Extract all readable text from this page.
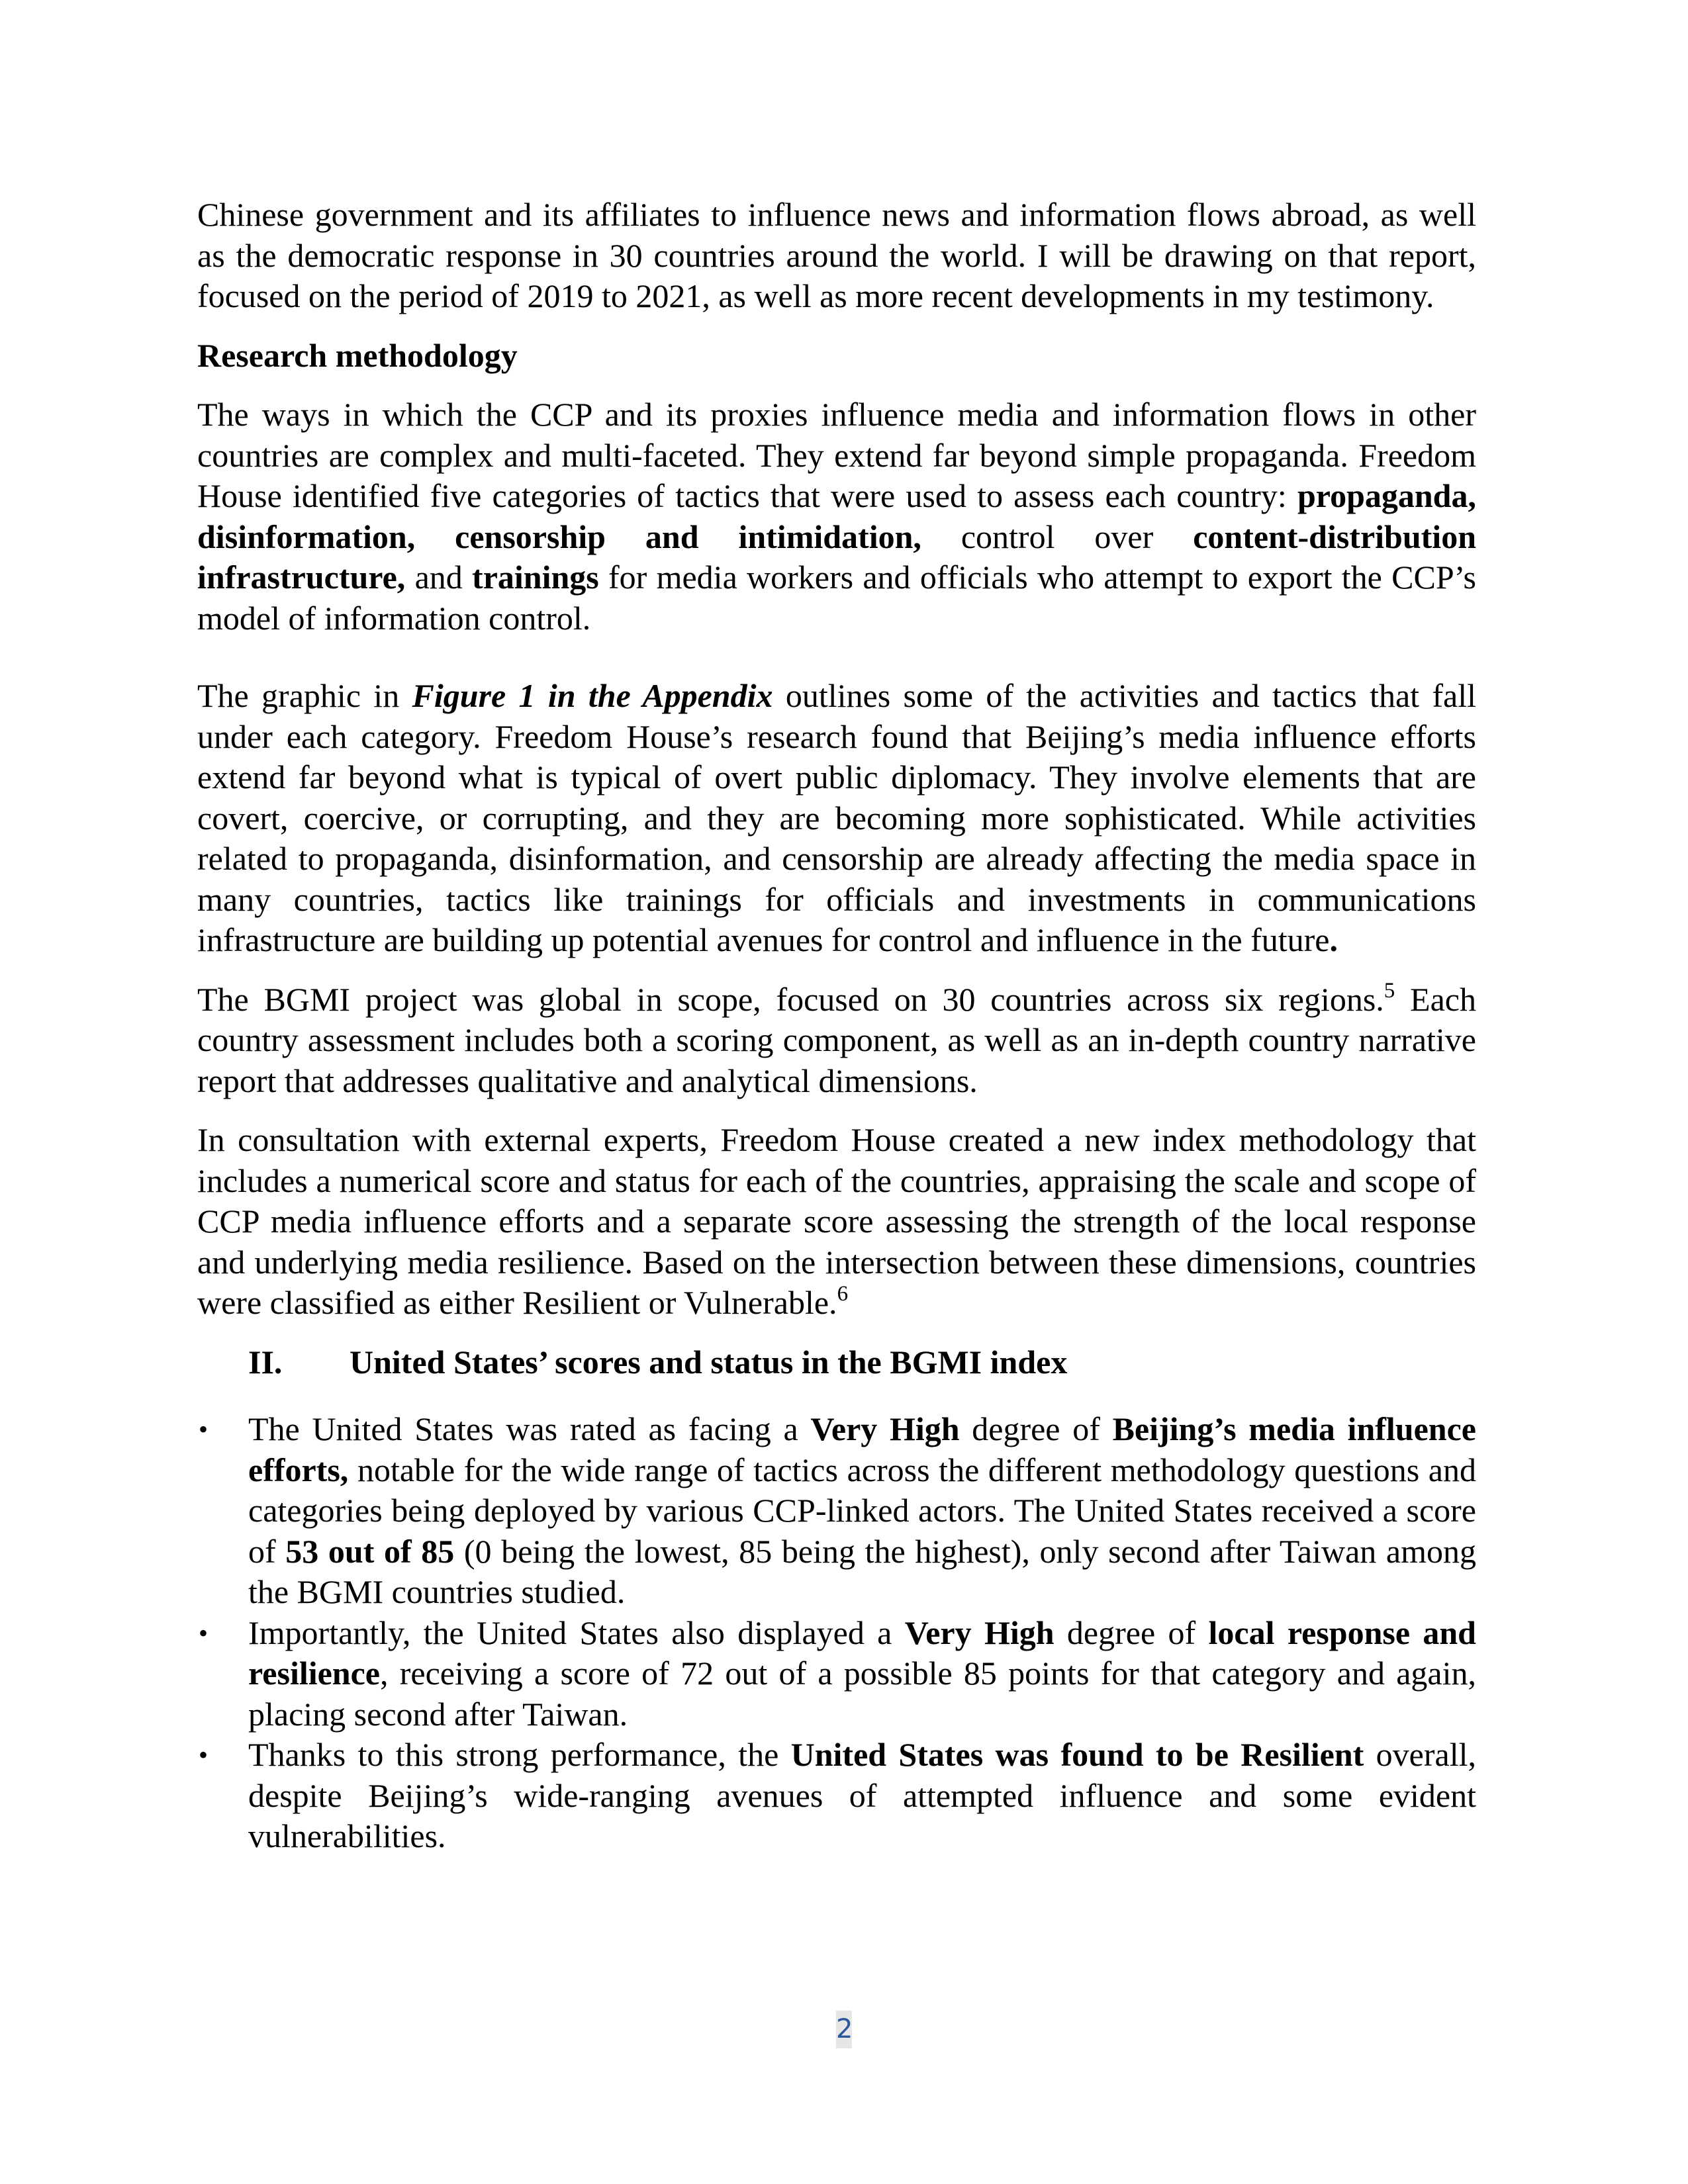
Chinese government and its affiliates to influence news and information flows abroad, as well as the democratic response in 30 countries around the world. I will be drawing on that report, focused on the period of 2019 to 2021, as well as more recent developments in my testimony.

Research methodology

The ways in which the CCP and its proxies influence media and information flows in other countries are complex and multi-faceted. They extend far beyond simple propaganda. Freedom House identified five categories of tactics that were used to assess each country: propaganda, disinformation, censorship and intimidation, control over content-distribution infrastructure, and trainings for media workers and officials who attempt to export the CCP’s model of information control.

The graphic in Figure 1 in the Appendix outlines some of the activities and tactics that fall under each category. Freedom House’s research found that Beijing’s media influence efforts extend far beyond what is typical of overt public diplomacy. They involve elements that are covert, coercive, or corrupting, and they are becoming more sophisticated. While activities related to propaganda, disinformation, and censorship are already affecting the media space in many countries, tactics like trainings for officials and investments in communications infrastructure are building up potential avenues for control and influence in the future.

The BGMI project was global in scope, focused on 30 countries across six regions.$^5$ Each country assessment includes both a scoring component, as well as an in-depth country narrative report that addresses qualitative and analytical dimensions.

In consultation with external experts, Freedom House created a new index methodology that includes a numerical score and status for each of the countries, appraising the scale and scope of CCP media influence efforts and a separate score assessing the strength of the local response and underlying media resilience. Based on the intersection between these dimensions, countries were classified as either Resilient or Vulnerable.$^6$

II.	United States’ scores and status in the BGMI index
•	The United States was rated as facing a Very High degree of Beijing’s media influence efforts, notable for the wide range of tactics across the different methodology questions and categories being deployed by various CCP-linked actors. The United States received a score of 53 out of 85 (0 being the lowest, 85 being the highest), only second after Taiwan among the BGMI countries studied.
•	Importantly, the United States also displayed a Very High degree of local response and resilience, receiving a score of 72 out of a possible 85 points for that category and again, placing second after Taiwan.
•	Thanks to this strong performance, the United States was found to be Resilient overall, despite Beijing’s wide-ranging avenues of attempted influence and some evident vulnerabilities.
2
